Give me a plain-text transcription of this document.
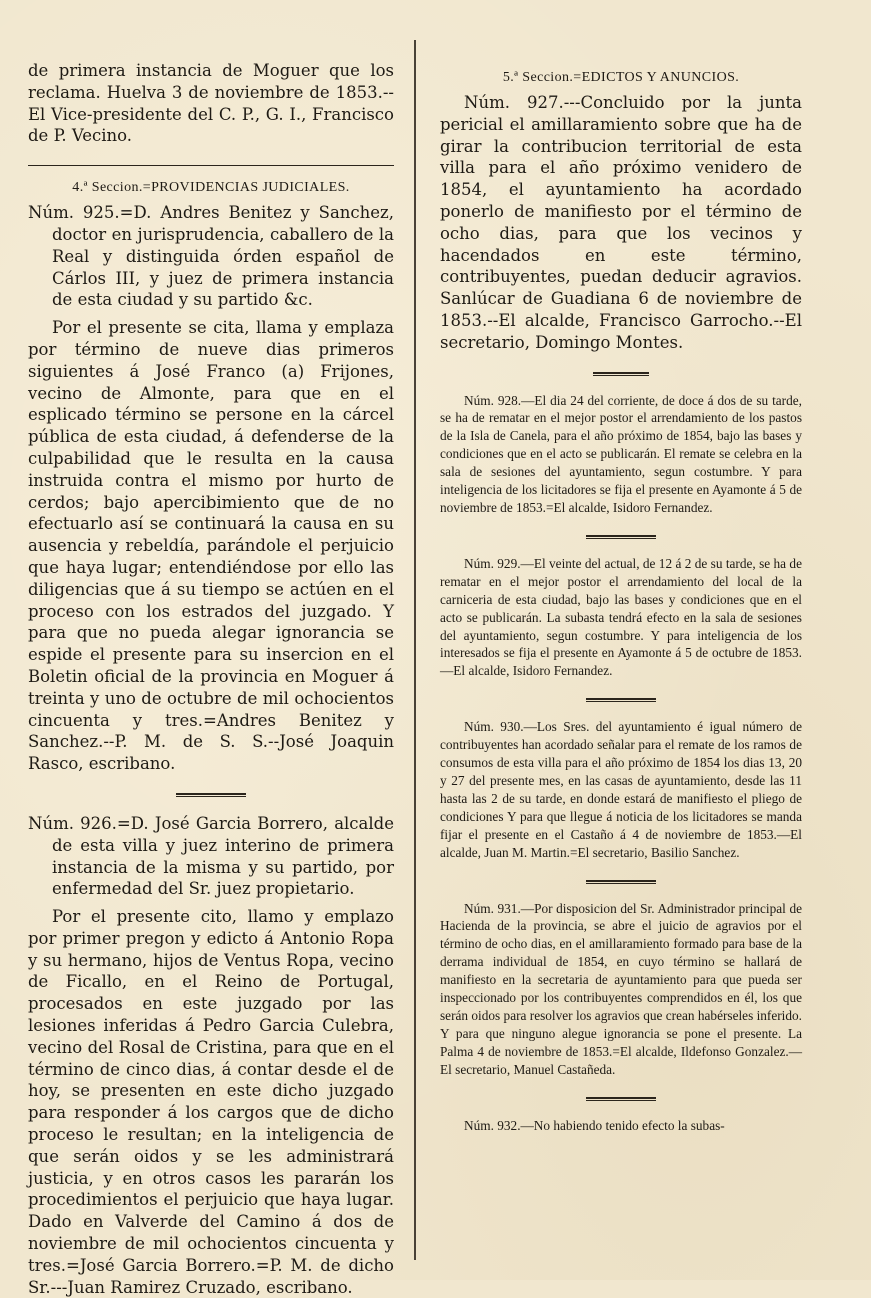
de primera instancia de Moguer que los reclama. Huelva 3 de noviembre de 1853.--El Vice-presidente del C. P., G. I., Francisco de P. Vecino.

4.ª Seccion.=PROVIDENCIAS JUDICIALES.

Núm. 925.=D. Andres Benitez y Sanchez, doctor en jurisprudencia, caballero de la Real y distinguida órden español de Cárlos III, y juez de primera instancia de esta ciudad y su partido &c.

Por el presente se cita, llama y emplaza por término de nueve dias primeros siguientes á José Franco (a) Frijones, vecino de Almonte, para que en el esplicado término se persone en la cárcel pública de esta ciudad, á defenderse de la culpabilidad que le resulta en la causa instruida contra el mismo por hurto de cerdos; bajo apercibimiento que de no efectuarlo así se continuará la causa en su ausencia y rebeldía, parándole el perjuicio que haya lugar; entendiéndose por ello las diligencias que á su tiempo se actúen en el proceso con los estrados del juzgado. Y para que no pueda alegar ignorancia se espide el presente para su insercion en el Boletin oficial de la provincia en Moguer á treinta y uno de octubre de mil ochocientos cincuenta y tres.=Andres Benitez y Sanchez.--P. M. de S. S.--José Joaquin Rasco, escribano.

Núm. 926.=D. José Garcia Borrero, alcalde de esta villa y juez interino de primera instancia de la misma y su partido, por enfermedad del Sr. juez propietario.

Por el presente cito, llamo y emplazo por primer pregon y edicto á Antonio Ropa y su hermano, hijos de Ventus Ropa, vecino de Ficallo, en el Reino de Portugal, procesados en este juzgado por las lesiones inferidas á Pedro Garcia Culebra, vecino del Rosal de Cristina, para que en el término de cinco dias, á contar desde el de hoy, se presenten en este dicho juzgado para responder á los cargos que de dicho proceso le resultan; en la inteligencia de que serán oidos y se les administrará justicia, y en otros casos les pararán los procedimientos el perjuicio que haya lugar. Dado en Valverde del Camino á dos de noviembre de mil ochocientos cincuenta y tres.=José Garcia Borrero.=P. M. de dicho Sr.---Juan Ramirez Cruzado, escribano.

5.ª Seccion.=EDICTOS Y ANUNCIOS.

Núm. 927.---Concluido por la junta pericial el amillaramiento sobre que ha de girar la contribucion territorial de esta villa para el año próximo venidero de 1854, el ayuntamiento ha acordado ponerlo de manifiesto por el término de ocho dias, para que los vecinos y hacendados en este término, contribuyentes, puedan deducir agravios. Sanlúcar de Guadiana 6 de noviembre de 1853.--El alcalde, Francisco Garrocho.--El secretario, Domingo Montes.

Núm. 928.—El dia 24 del corriente, de doce á dos de su tarde, se ha de rematar en el mejor postor el arrendamiento de los pastos de la Isla de Canela, para el año próximo de 1854, bajo las bases y condiciones que en el acto se publicarán. El remate se celebra en la sala de sesiones del ayuntamiento, segun costumbre. Y para inteligencia de los licitadores se fija el presente en Ayamonte á 5 de noviembre de 1853.=El alcalde, Isidoro Fernandez.

Núm. 929.—El veinte del actual, de 12 á 2 de su tarde, se ha de rematar en el mejor postor el arrendamiento del local de la carniceria de esta ciudad, bajo las bases y condiciones que en el acto se publicarán. La subasta tendrá efecto en la sala de sesiones del ayuntamiento, segun costumbre. Y para inteligencia de los interesados se fija el presente en Ayamonte á 5 de octubre de 1853.—El alcalde, Isidoro Fernandez.

Núm. 930.—Los Sres. del ayuntamiento é igual número de contribuyentes han acordado señalar para el remate de los ramos de consumos de esta villa para el año próximo de 1854 los dias 13, 20 y 27 del presente mes, en las casas de ayuntamiento, desde las 11 hasta las 2 de su tarde, en donde estará de manifiesto el pliego de condiciones Y para que llegue á noticia de los licitadores se manda fijar el presente en el Castaño á 4 de noviembre de 1853.—El alcalde, Juan M. Martin.=El secretario, Basilio Sanchez.

Núm. 931.—Por disposicion del Sr. Administrador principal de Hacienda de la provincia, se abre el juicio de agravios por el término de ocho dias, en el amillaramiento formado para base de la derrama individual de 1854, en cuyo término se hallará de manifiesto en la secretaria de ayuntamiento para que pueda ser inspeccionado por los contribuyentes comprendidos en él, los que serán oidos para resolver los agravios que crean habérseles inferido. Y para que ninguno alegue ignorancia se pone el presente. La Palma 4 de noviembre de 1853.=El alcalde, Ildefonso Gonzalez.—El secretario, Manuel Castañeda.

Núm. 932.—No habiendo tenido efecto la subas-
